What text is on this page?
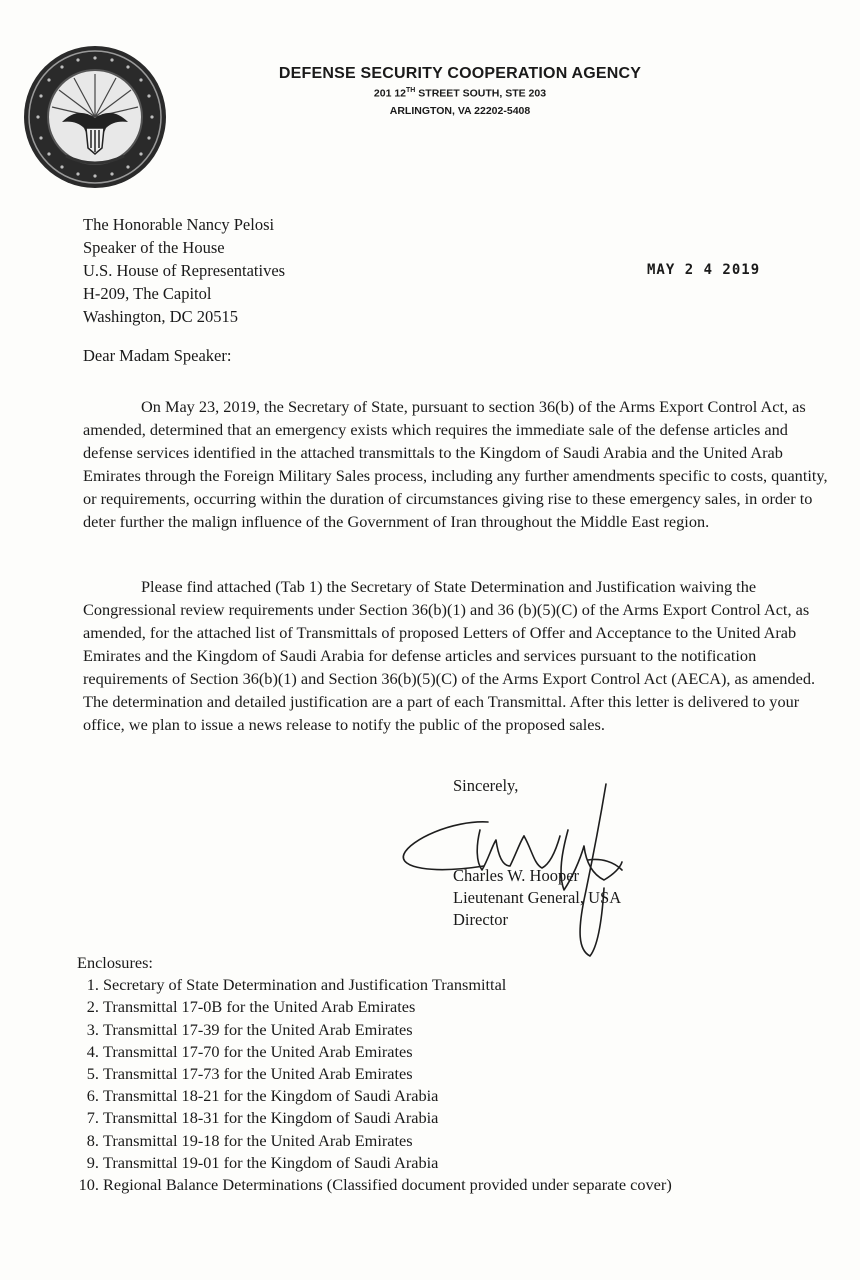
DEFENSE SECURITY COOPERATION AGENCY
201 12TH STREET SOUTH, STE 203
ARLINGTON, VA 22202-5408
The Honorable Nancy Pelosi
Speaker of the House
U.S. House of Representatives
H-209, The Capitol
Washington, DC 20515
MAY 2 4 2019
Dear Madam Speaker:

On May 23, 2019, the Secretary of State, pursuant to section 36(b) of the Arms Export Control Act, as amended, determined that an emergency exists which requires the immediate sale of the defense articles and defense services identified in the attached transmittals to the Kingdom of Saudi Arabia and the United Arab Emirates through the Foreign Military Sales process, including any further amendments specific to costs, quantity, or requirements, occurring within the duration of circumstances giving rise to these emergency sales, in order to deter further the malign influence of the Government of Iran throughout the Middle East region.

Please find attached (Tab 1) the Secretary of State Determination and Justification waiving the Congressional review requirements under Section 36(b)(1) and 36 (b)(5)(C) of the Arms Export Control Act, as amended, for the attached list of Transmittals of proposed Letters of Offer and Acceptance to the United Arab Emirates and the Kingdom of Saudi Arabia for defense articles and services pursuant to the notification requirements of Section 36(b)(1) and Section 36(b)(5)(C) of the Arms Export Control Act (AECA), as amended. The determination and detailed justification are a part of each Transmittal. After this letter is delivered to your office, we plan to issue a news release to notify the public of the proposed sales.

Sincerely,
Charles W. Hooper
Lieutenant General, USA
Director
Enclosures:
1. Secretary of State Determination and Justification Transmittal
2. Transmittal 17-0B for the United Arab Emirates
3. Transmittal 17-39 for the United Arab Emirates
4. Transmittal 17-70 for the United Arab Emirates
5. Transmittal 17-73 for the United Arab Emirates
6. Transmittal 18-21 for the Kingdom of Saudi Arabia
7. Transmittal 18-31 for the Kingdom of Saudi Arabia
8. Transmittal 19-18 for the United Arab Emirates
9. Transmittal 19-01 for the Kingdom of Saudi Arabia
10. Regional Balance Determinations (Classified document provided under separate cover)
